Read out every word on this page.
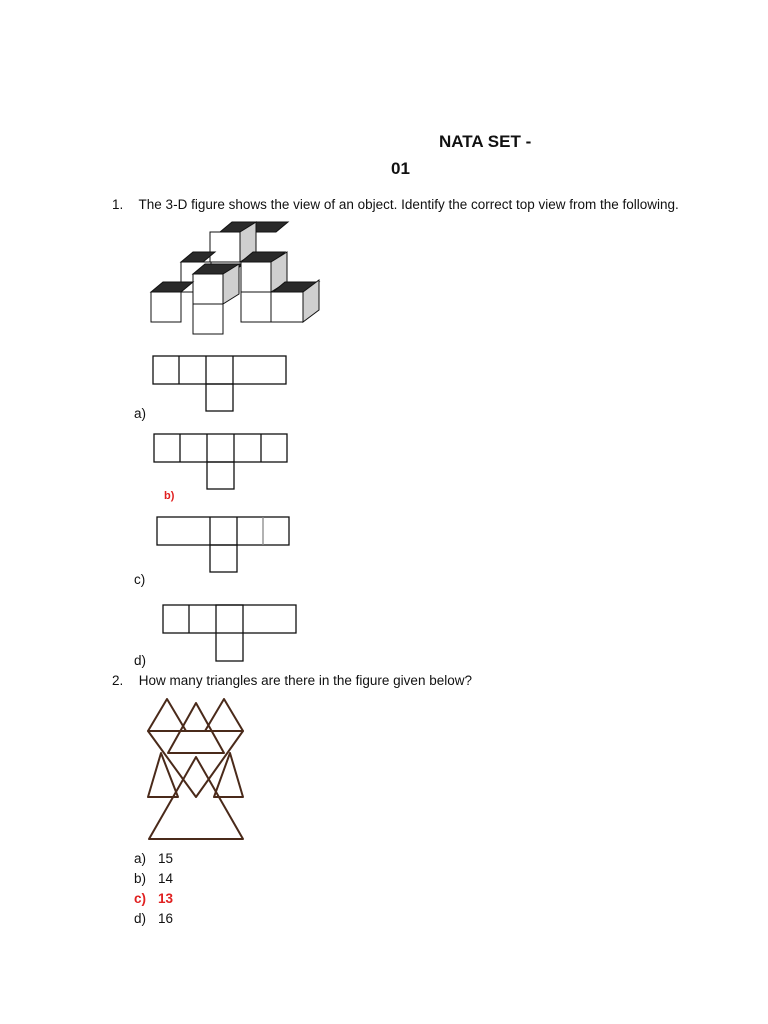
NATA SET -
01
1. The 3-D figure shows the view of an object. Identify the correct top view from the following.
a)
b)
c)
d)
2. How many triangles are there in the figure given below?
a) 15
b) 14
c) 13
d) 16
